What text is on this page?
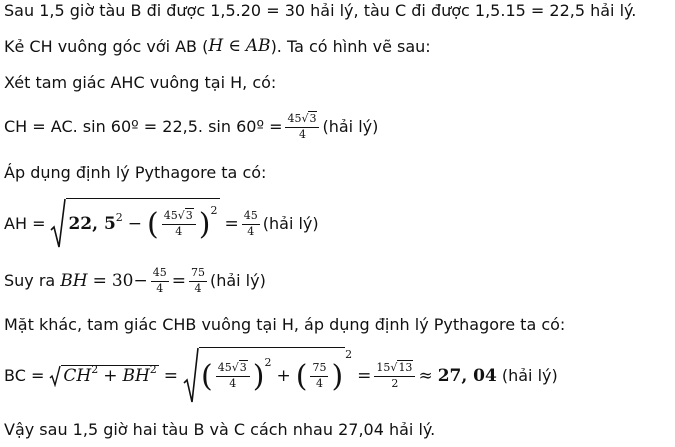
Sau 1,5 giờ tàu B đi được 1,5.20 = 30 hải lý, tàu C đi được 1,5.15 = 22,5 hải lý.
Kẻ CH vuông góc với AB ( H ∈ AB ). Ta có hình vẽ sau:
Xét tam giác AHC vuông tại H, có:
CH = AC. sin 60º = 22,5. sin 60º = $\frac{45√3}{4}$ (hải lý)
Áp dụng định lý Pythagore ta có:
AH = 22, $5^2$ − ( $\frac{45√3}{4} )^2$
= $\frac{45}{4}$ (hải lý)
Suy ra BH = $30- \frac{45}{4} = \frac{75}{4}$ (hải lý)
Mặt khác, tam giác CHB vuông tại H, áp dụng định lý Pythagore ta có:
BC = $CH^2 + BH^2$ = ( $\frac{45√3}{4} )^2$
+ ( $\frac{75}{4}$ )
$^2$
= $\frac{15√13}{2} \approx 27$, 04 (hải lý)
Vậy sau 1,5 giờ hai tàu B và C cách nhau 27,04 hải lý.
